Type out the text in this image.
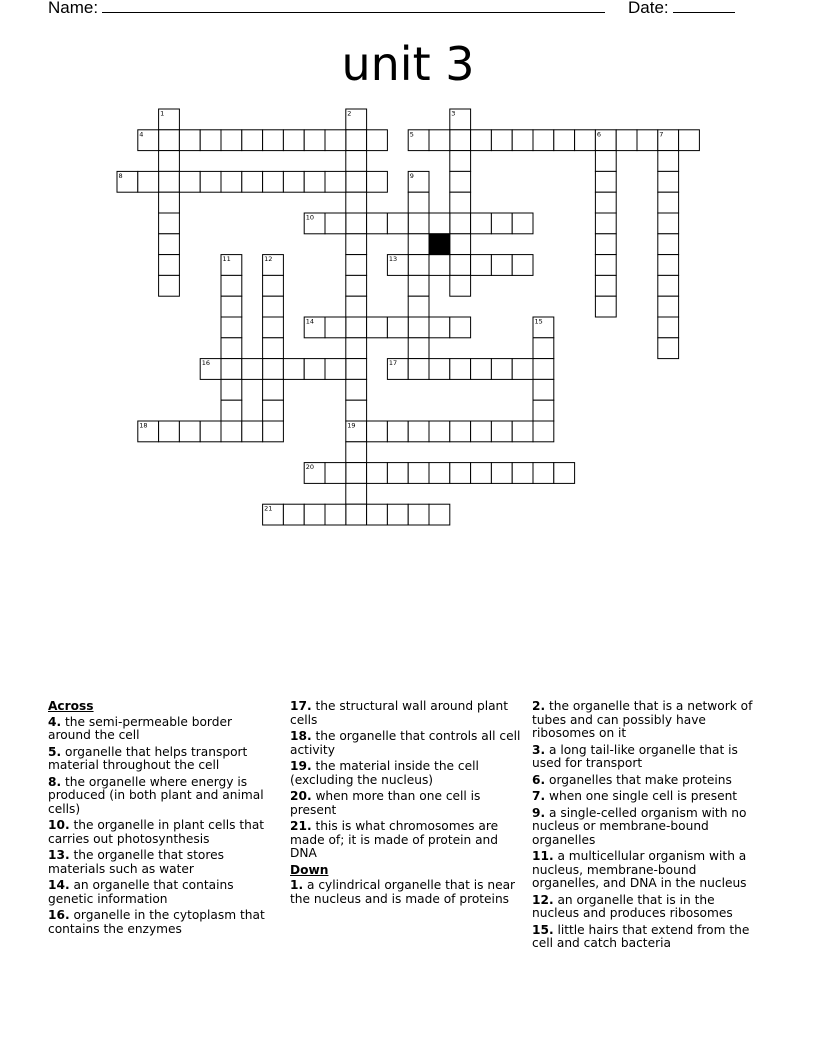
Name:	Date:
unit 3
1	2	3
4	5	6	7
8	9
10
11	12	13
14	15
16	17
18	19
20
21
Across
4. the semi-permeable border around the cell
5. organelle that helps transport material throughout the cell
8. the organelle where energy is produced (in both plant and animal cells)
10. the organelle in plant cells that carries out photosynthesis
13. the organelle that stores materials such as water
14. an organelle that contains genetic information
16. organelle in the cytoplasm that contains the enzymes
17. the structural wall around plant cells
18. the organelle that controls all cell activity
19. the material inside the cell (excluding the nucleus)
20. when more than one cell is present
21. this is what chromosomes are made of; it is made of protein and DNA
Down
1. a cylindrical organelle that is near the nucleus and is made of proteins
2. the organelle that is a network of tubes and can possibly have ribosomes on it
3. a long tail-like organelle that is used for transport
6. organelles that make proteins
7. when one single cell is present
9. a single-celled organism with no nucleus or membrane-bound organelles
11. a multicellular organism with a nucleus, membrane-bound organelles, and DNA in the nucleus
12. an organelle that is in the nucleus and produces ribosomes
15. little hairs that extend from the cell and catch bacteria
